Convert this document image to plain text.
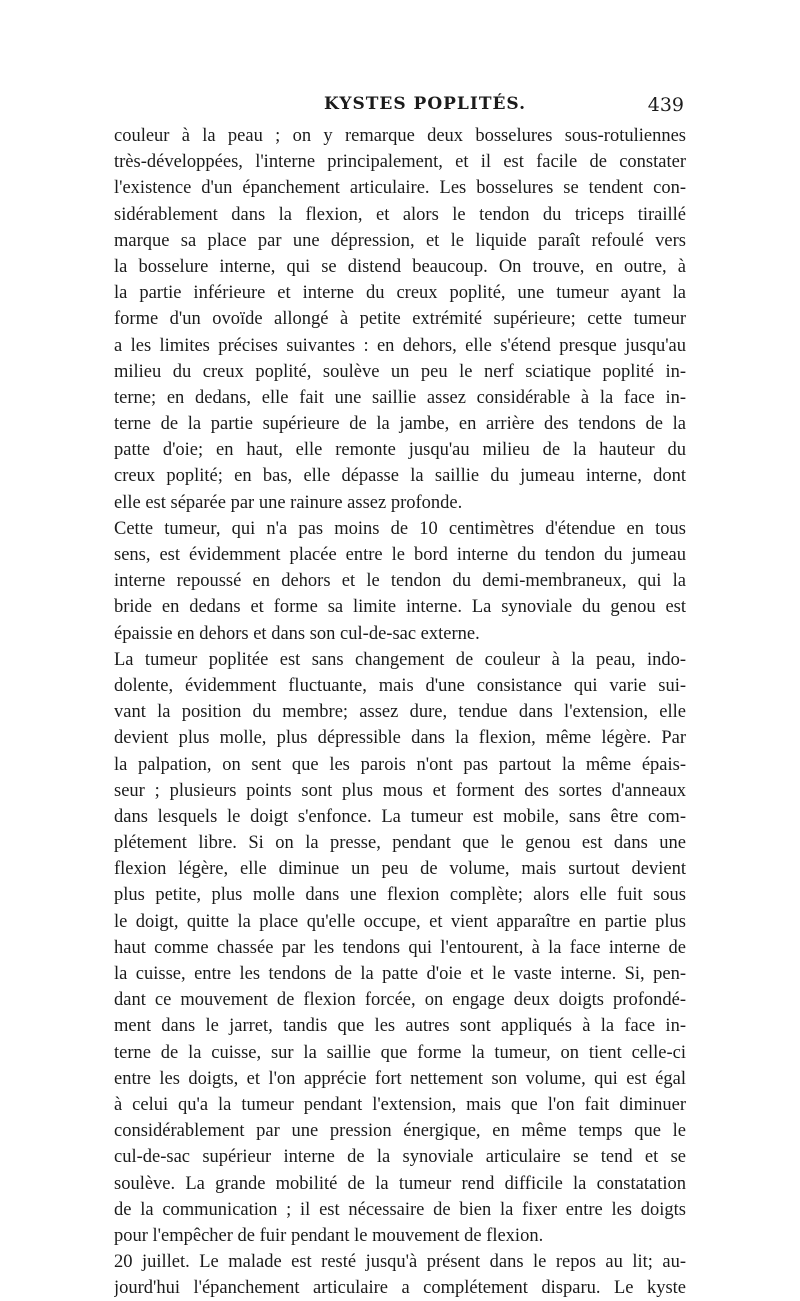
KYSTES POPLITÉS.	439
couleur à la peau ; on y remarque deux bosselures sous-rotuliennes
très-développées, l'interne principalement, et il est facile de constater
l'existence d'un épanchement articulaire. Les bosselures se tendent con-
sidérablement dans la flexion, et alors le tendon du triceps tiraillé
marque sa place par une dépression, et le liquide paraît refoulé vers
la bosselure interne, qui se distend beaucoup. On trouve, en outre, à
la partie inférieure et interne du creux poplité, une tumeur ayant la
forme d'un ovoïde allongé à petite extrémité supérieure; cette tumeur
a les limites précises suivantes : en dehors, elle s'étend presque jusqu'au
milieu du creux poplité, soulève un peu le nerf sciatique poplité in-
terne; en dedans, elle fait une saillie assez considérable à la face in-
terne de la partie supérieure de la jambe, en arrière des tendons de la
patte d'oie; en haut, elle remonte jusqu'au milieu de la hauteur du
creux poplité; en bas, elle dépasse la saillie du jumeau interne, dont
elle est séparée par une rainure assez profonde.
Cette tumeur, qui n'a pas moins de 10 centimètres d'étendue en tous
sens, est évidemment placée entre le bord interne du tendon du jumeau
interne repoussé en dehors et le tendon du demi-membraneux, qui la
bride en dedans et forme sa limite interne. La synoviale du genou est
épaissie en dehors et dans son cul-de-sac externe.
La tumeur poplitée est sans changement de couleur à la peau, indo-
dolente, évidemment fluctuante, mais d'une consistance qui varie sui-
vant la position du membre; assez dure, tendue dans l'extension, elle
devient plus molle, plus dépressible dans la flexion, même légère. Par
la palpation, on sent que les parois n'ont pas partout la même épais-
seur ; plusieurs points sont plus mous et forment des sortes d'anneaux
dans lesquels le doigt s'enfonce. La tumeur est mobile, sans être com-
plétement libre. Si on la presse, pendant que le genou est dans une
flexion légère, elle diminue un peu de volume, mais surtout devient
plus petite, plus molle dans une flexion complète; alors elle fuit sous
le doigt, quitte la place qu'elle occupe, et vient apparaître en partie plus
haut comme chassée par les tendons qui l'entourent, à la face interne de
la cuisse, entre les tendons de la patte d'oie et le vaste interne. Si, pen-
dant ce mouvement de flexion forcée, on engage deux doigts profondé-
ment dans le jarret, tandis que les autres sont appliqués à la face in-
terne de la cuisse, sur la saillie que forme la tumeur, on tient celle-ci
entre les doigts, et l'on apprécie fort nettement son volume, qui est égal
à celui qu'a la tumeur pendant l'extension, mais que l'on fait diminuer
considérablement par une pression énergique, en même temps que le
cul-de-sac supérieur interne de la synoviale articulaire se tend et se
soulève. La grande mobilité de la tumeur rend difficile la constatation
de la communication ; il est nécessaire de bien la fixer entre les doigts
pour l'empêcher de fuir pendant le mouvement de flexion.
20 juillet. Le malade est resté jusqu'à présent dans le repos au lit; au-
jourd'hui l'épanchement articulaire a complétement disparu. Le kyste
